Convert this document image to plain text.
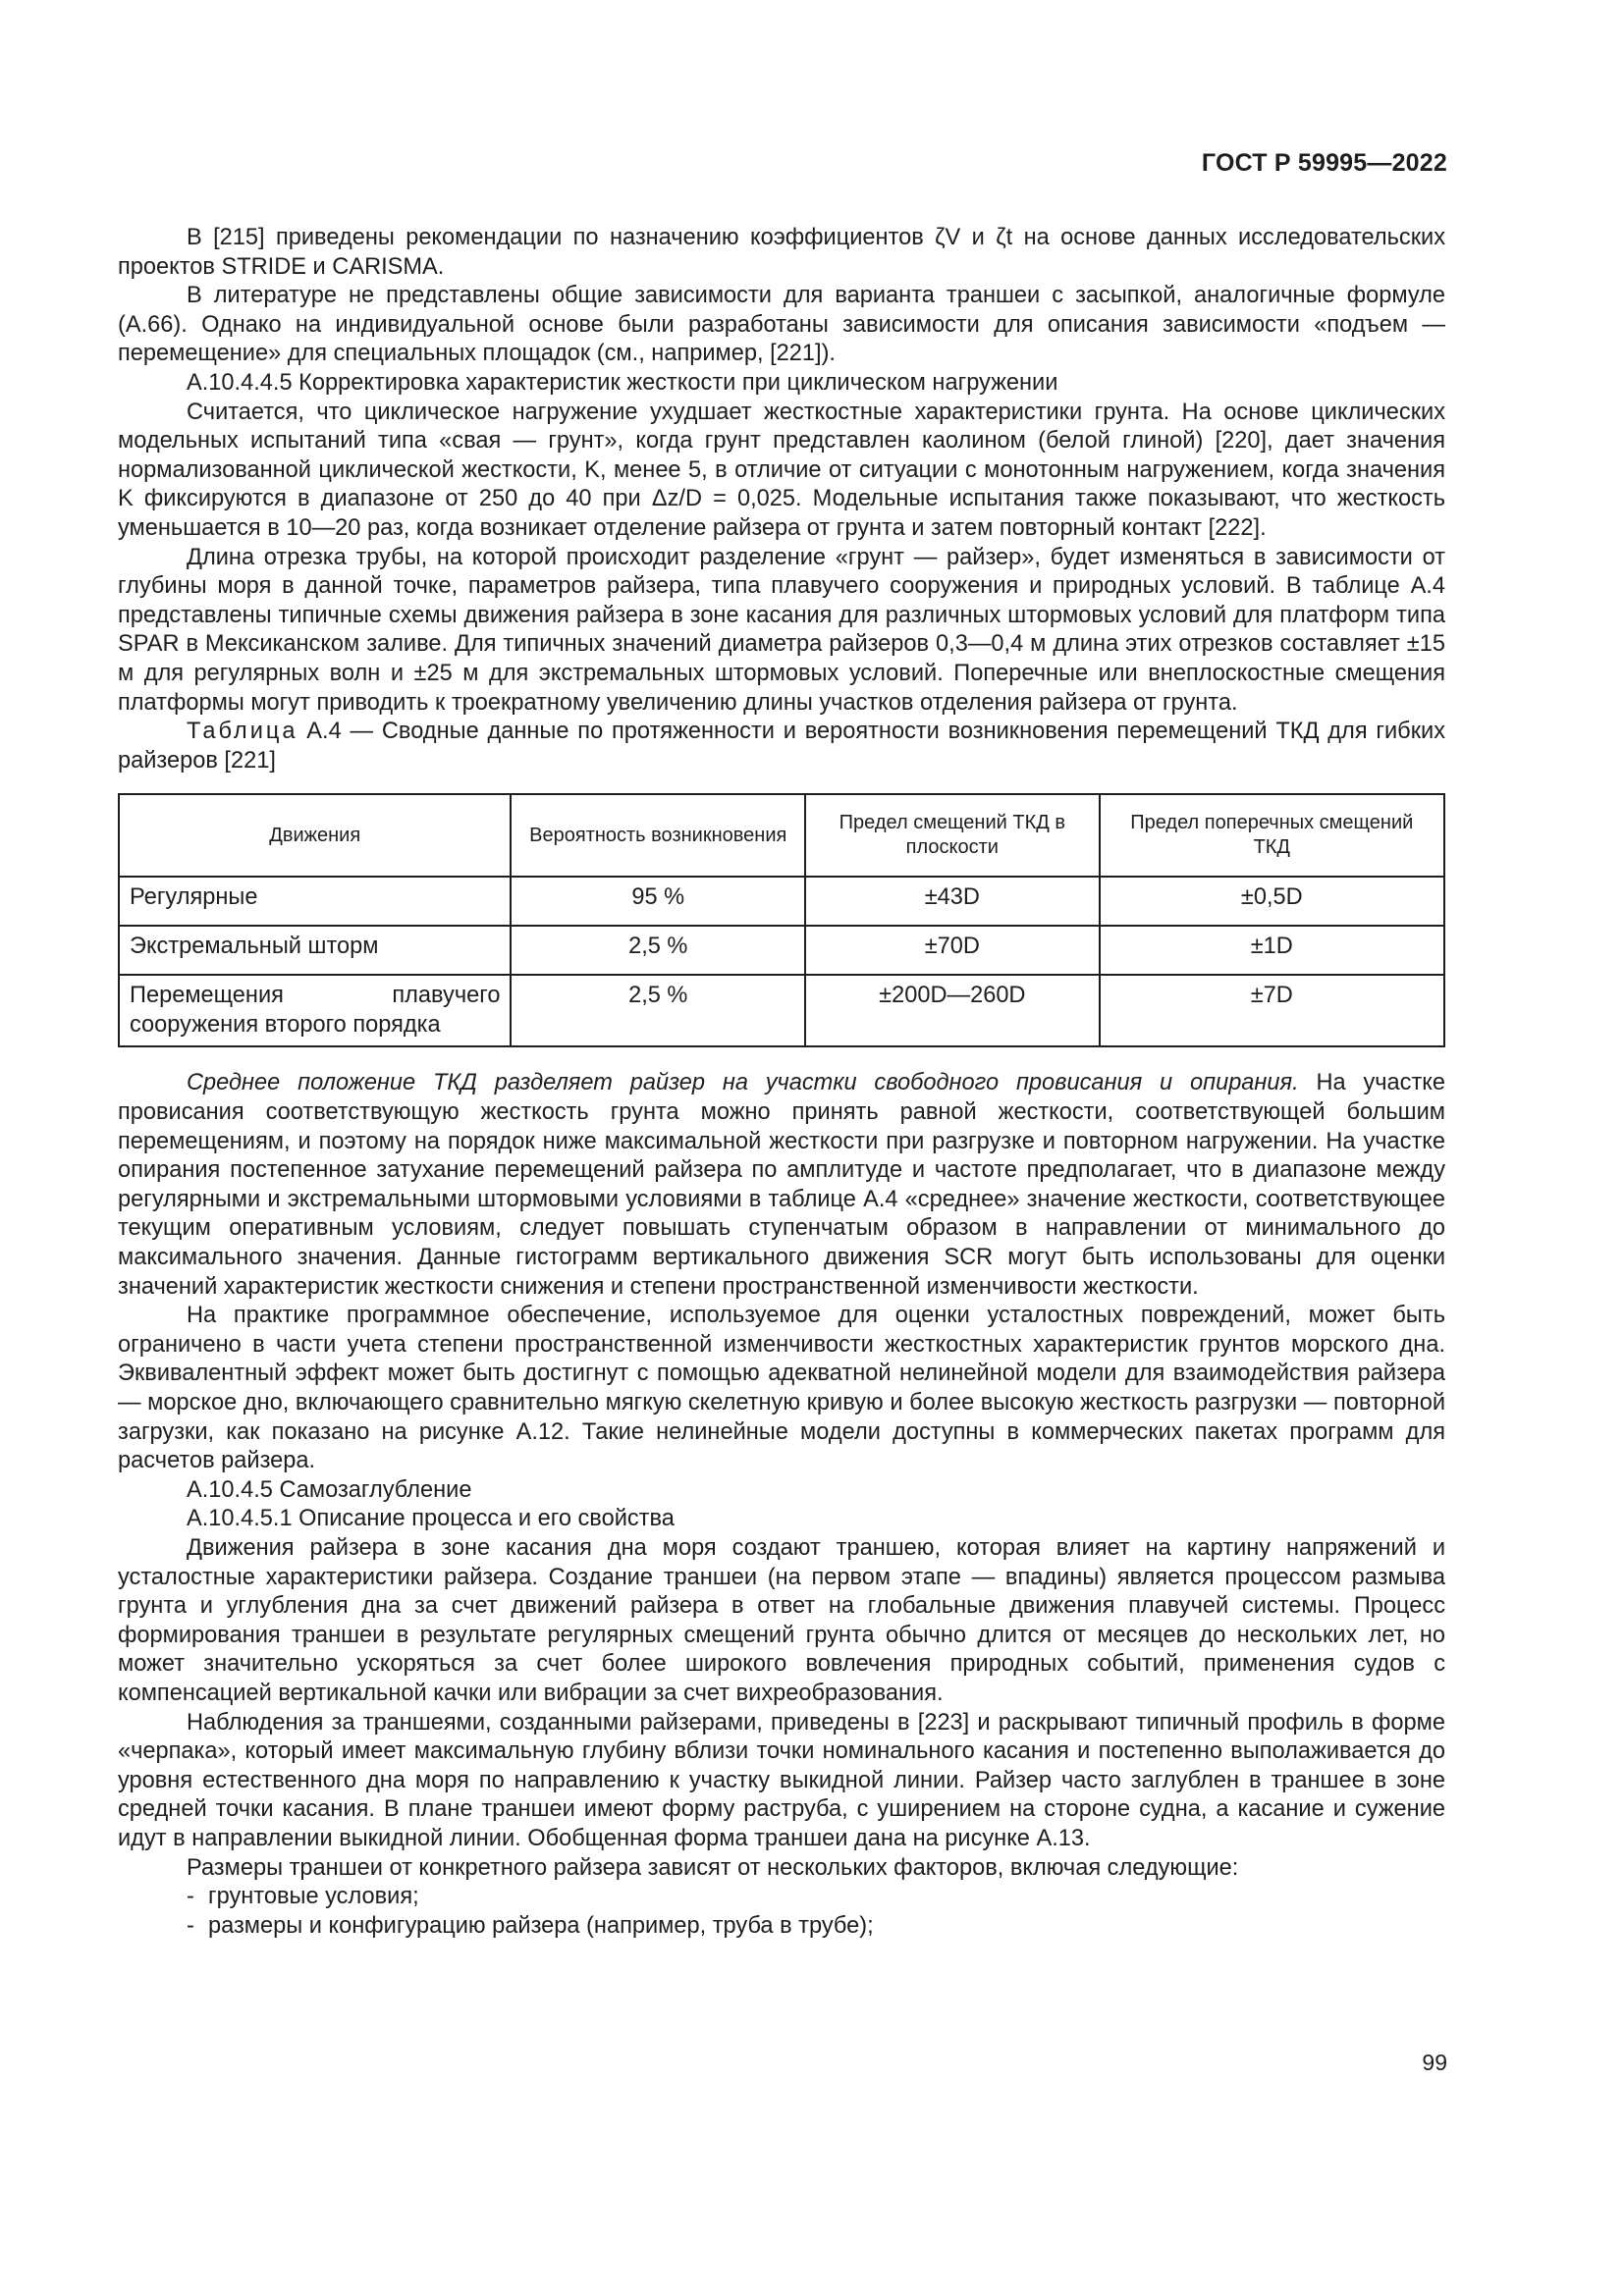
ГОСТ Р 59995—2022

В [215] приведены рекомендации по назначению коэффициентов ζV и ζt на основе данных исследовательских проектов STRIDE и CARISMA.

В литературе не представлены общие зависимости для варианта траншеи с засыпкой, аналогичные формуле (А.66). Однако на индивидуальной основе были разработаны зависимости для описания зависимости «подъем — перемещение» для специальных площадок (см., например, [221]).

А.10.4.4.5 Корректировка характеристик жесткости при циклическом нагружении

Считается, что циклическое нагружение ухудшает жесткостные характеристики грунта. На основе циклических модельных испытаний типа «свая — грунт», когда грунт представлен каолином (белой глиной) [220], дает значения нормализованной циклической жесткости, K, менее 5, в отличие от ситуации с монотонным нагружением, когда значения K фиксируются в диапазоне от 250 до 40 при Δz/D = 0,025. Модельные испытания также показывают, что жесткость уменьшается в 10—20 раз, когда возникает отделение райзера от грунта и затем повторный контакт [222].

Длина отрезка трубы, на которой происходит разделение «грунт — райзер», будет изменяться в зависимости от глубины моря в данной точке, параметров райзера, типа плавучего сооружения и природных условий. В таблице А.4 представлены типичные схемы движения райзера в зоне касания для различных штормовых условий для платформ типа SPAR в Мексиканском заливе. Для типичных значений диаметра райзеров 0,3—0,4 м длина этих отрезков составляет ±15 м для регулярных волн и ±25 м для экстремальных штормовых условий. Поперечные или внеплоскостные смещения платформы могут приводить к троекратному увеличению длины участков отделения райзера от грунта.

Таблица А.4 — Сводные данные по протяженности и вероятности возникновения перемещений ТКД для гибких райзеров [221]

Движения	Вероятность возникновения	Предел смещений ТКД в плоскости	Предел поперечных смещений ТКД
Регулярные	95 %	±43D	±0,5D
Экстремальный шторм	2,5 %	±70D	±1D
Перемещения плавучего сооружения второго порядка	2,5 %	±200D—260D	±7D

Среднее положение ТКД разделяет райзер на участки свободного провисания и опирания. На участке провисания соответствующую жесткость грунта можно принять равной жесткости, соответствующей большим перемещениям, и поэтому на порядок ниже максимальной жесткости при разгрузке и повторном нагружении. На участке опирания постепенное затухание перемещений райзера по амплитуде и частоте предполагает, что в диапазоне между регулярными и экстремальными штормовыми условиями в таблице А.4 «среднее» значение жесткости, соответствующее текущим оперативным условиям, следует повышать ступенчатым образом в направлении от минимального до максимального значения. Данные гистограмм вертикального движения SCR могут быть использованы для оценки значений характеристик жесткости снижения и степени пространственной изменчивости жесткости.

На практике программное обеспечение, используемое для оценки усталостных повреждений, может быть ограничено в части учета степени пространственной изменчивости жесткостных характеристик грунтов морского дна. Эквивалентный эффект может быть достигнут с помощью адекватной нелинейной модели для взаимодействия райзера — морское дно, включающего сравнительно мягкую скелетную кривую и более высокую жесткость разгрузки — повторной загрузки, как показано на рисунке А.12. Такие нелинейные модели доступны в коммерческих пакетах программ для расчетов райзера.

А.10.4.5 Самозаглубление

А.10.4.5.1 Описание процесса и его свойства

Движения райзера в зоне касания дна моря создают траншею, которая влияет на картину напряжений и усталостные характеристики райзера. Создание траншеи (на первом этапе — впадины) является процессом размыва грунта и углубления дна за счет движений райзера в ответ на глобальные движения плавучей системы. Процесс формирования траншеи в результате регулярных смещений грунта обычно длится от месяцев до нескольких лет, но может значительно ускоряться за счет более широкого вовлечения природных событий, применения судов с компенсацией вертикальной качки или вибрации за счет вихреобразования.

Наблюдения за траншеями, созданными райзерами, приведены в [223] и раскрывают типичный профиль в форме «черпака», который имеет максимальную глубину вблизи точки номинального касания и постепенно выполаживается до уровня естественного дна моря по направлению к участку выкидной линии. Райзер часто заглублен в траншее в зоне средней точки касания. В плане траншеи имеют форму раструба, с уширением на стороне судна, а касание и сужение идут в направлении выкидной линии. Обобщенная форма траншеи дана на рисунке А.13.

Размеры траншеи от конкретного райзера зависят от нескольких факторов, включая следующие:

- грунтовые условия;

- размеры и конфигурацию райзера (например, труба в трубе);

99
